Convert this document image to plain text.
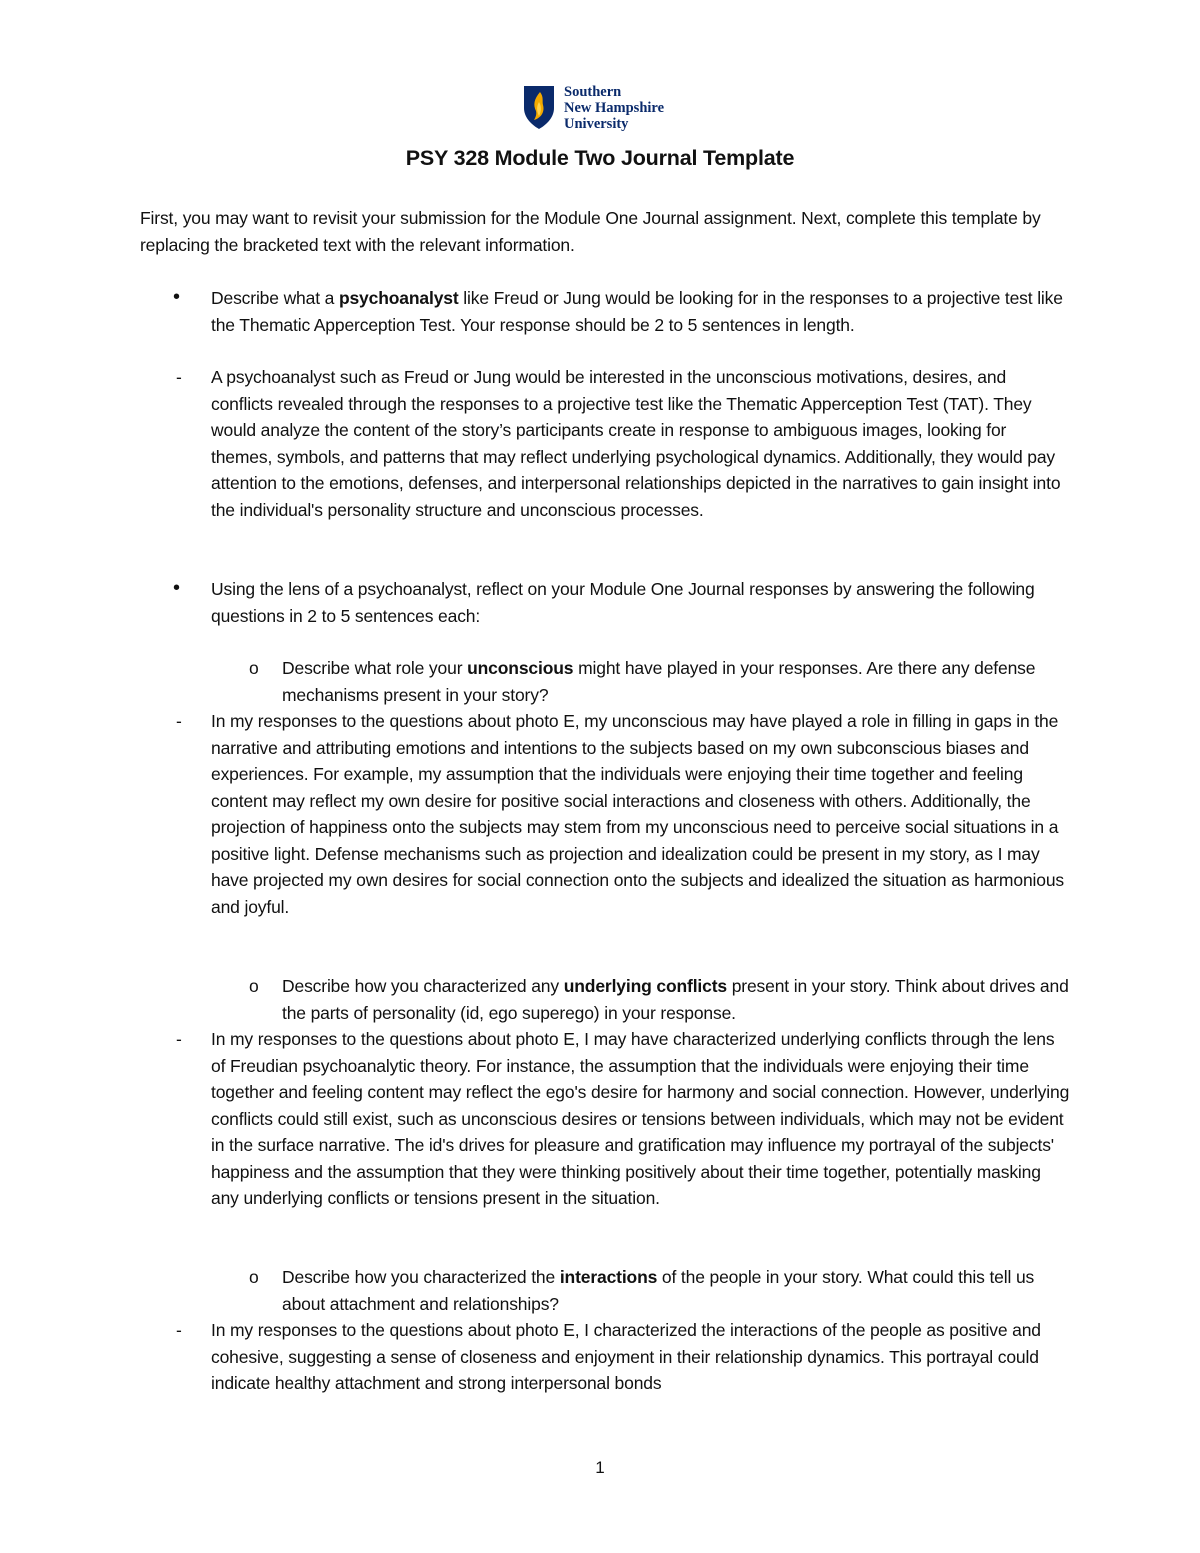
Southern
New Hampshire
University
PSY 328 Module Two Journal Template
First, you may want to revisit your submission for the Module One Journal assignment. Next, complete this template by replacing the bracketed text with the relevant information.
• Describe what a psychoanalyst like Freud or Jung would be looking for in the responses to a projective test like the Thematic Apperception Test. Your response should be 2 to 5 sentences in length.
- A psychoanalyst such as Freud or Jung would be interested in the unconscious motivations, desires, and conflicts revealed through the responses to a projective test like the Thematic Apperception Test (TAT). They would analyze the content of the story’s participants create in response to ambiguous images, looking for themes, symbols, and patterns that may reflect underlying psychological dynamics. Additionally, they would pay attention to the emotions, defenses, and interpersonal relationships depicted in the narratives to gain insight into the individual's personality structure and unconscious processes.
• Using the lens of a psychoanalyst, reflect on your Module One Journal responses by answering the following questions in 2 to 5 sentences each:
o Describe what role your unconscious might have played in your responses. Are there any defense mechanisms present in your story?
- In my responses to the questions about photo E, my unconscious may have played a role in filling in gaps in the narrative and attributing emotions and intentions to the subjects based on my own subconscious biases and experiences. For example, my assumption that the individuals were enjoying their time together and feeling content may reflect my own desire for positive social interactions and closeness with others. Additionally, the projection of happiness onto the subjects may stem from my unconscious need to perceive social situations in a positive light. Defense mechanisms such as projection and idealization could be present in my story, as I may have projected my own desires for social connection onto the subjects and idealized the situation as harmonious and joyful.
o Describe how you characterized any underlying conflicts present in your story. Think about drives and the parts of personality (id, ego superego) in your response.
- In my responses to the questions about photo E, I may have characterized underlying conflicts through the lens of Freudian psychoanalytic theory. For instance, the assumption that the individuals were enjoying their time together and feeling content may reflect the ego's desire for harmony and social connection. However, underlying conflicts could still exist, such as unconscious desires or tensions between individuals, which may not be evident in the surface narrative. The id's drives for pleasure and gratification may influence my portrayal of the subjects' happiness and the assumption that they were thinking positively about their time together, potentially masking any underlying conflicts or tensions present in the situation.
o Describe how you characterized the interactions of the people in your story. What could this tell us about attachment and relationships?
- In my responses to the questions about photo E, I characterized the interactions of the people as positive and cohesive, suggesting a sense of closeness and enjoyment in their relationship dynamics. This portrayal could indicate healthy attachment and strong interpersonal bonds
1
